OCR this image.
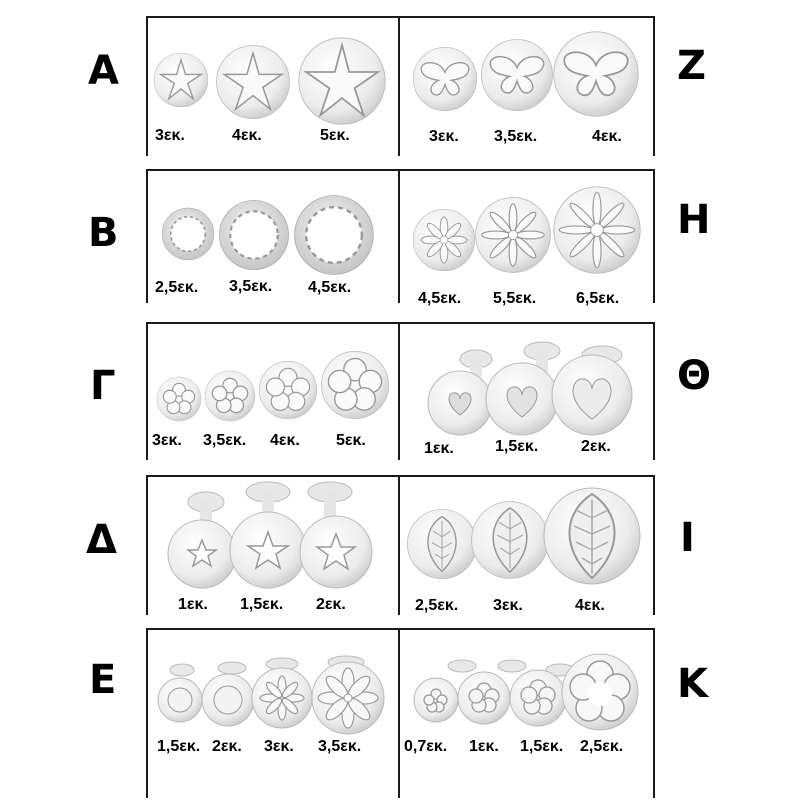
Α
Β
Γ
Δ
Ε
Ζ
Η
Θ
Ι
Κ
3εκ.	4εκ.	5εκ.	3εκ. 3,5εκ.	4εκ.
2,5εκ. 3,5εκ. 4,5εκ.
4,5εκ. 5,5εκ. 6,5εκ.
3εκ. 3,5εκ. 4εκ. 5εκ.	1εκ.	1,5εκ.	2εκ.
1εκ. 1,5εκ. 2εκ.	2,5εκ. 3εκ.	4εκ.
1,5εκ. 2εκ. 3εκ. 3,5εκ.	0,7εκ. 1εκ. 1,5εκ. 2,5εκ.
